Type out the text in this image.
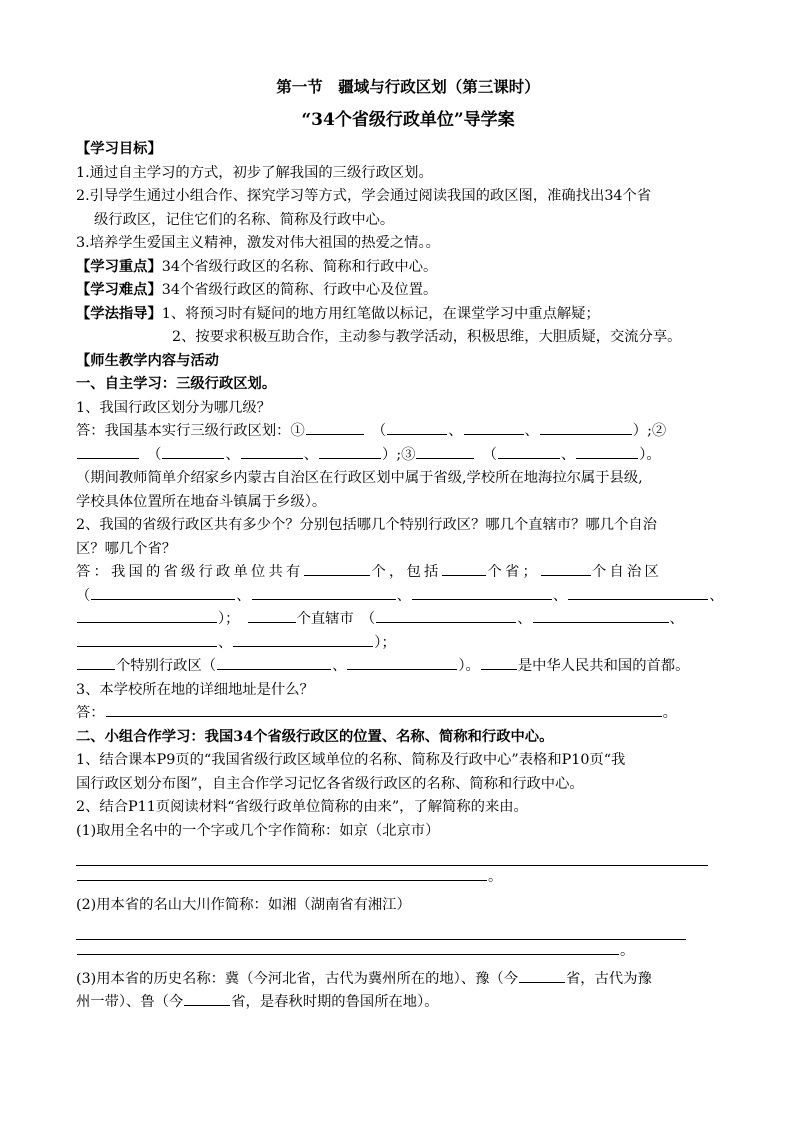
第一节　疆域与行政区划（第三课时）
“34个省级行政单位”导学案
【学习目标】
1.通过自主学习的方式，初步了解我国的三级行政区划。
2.引导学生通过小组合作、探究学习等方式，学会通过阅读我国的政区图，准确找出34个省
级行政区，记住它们的名称、简称及行政中心。
3.培养学生爱国主义精神，激发对伟大祖国的热爱之情。。
【学习重点】34个省级行政区的名称、简称和行政中心。
【学习难点】34个省级行政区的简称、行政中心及位置。
【学法指导】1、将预习时有疑问的地方用红笔做以标记，在课堂学习中重点解疑；
2、按要求积极互助合作，主动参与教学活动，积极思维，大胆质疑，交流分享。
【师生教学内容与活动
一、自主学习：三级行政区划。
1、我国行政区划分为哪几级？
答：我国基本实行三级行政区划：①	　（	、	、	）;②
　（	、	、	）;③	　（	、	）。
（期间教师简单介绍家乡内蒙古自治区在行政区划中属于省级,学校所在地海拉尔属于县级,
学校具体位置所在地奋斗镇属于乡级）。
2、我国的省级行政区共有多少个？分别包括哪几个特别行政区？哪几个直辖市？哪几个自治
区？哪几个省？
答：我国的省级行政单位共有	个，包括	个省；	个自治区
（	、	、	、	、
）；　	个直辖市　（	、	、
、	）；
个特别行政区（	、	）。	是中华人民共和国的首都。
3、本学校所在地的详细地址是什么？
答：	。
二、小组合作学习：我国34个省级行政区的位置、名称、简称和行政中心。
1、结合课本P9页的“我国省级行政区域单位的名称、简称及行政中心”表格和P10页“我
国行政区划分布图”，自主合作学习记忆各省级行政区的名称、简称和行政中心。
2、结合P11页阅读材料“省级行政单位简称的由来”，了解简称的来由。
(1)取用全名中的一个字或几个字作简称：如京（北京市）
。
(2)用本省的名山大川作简称：如湘（湖南省有湘江）
。
(3)用本省的历史名称：冀（今河北省，古代为冀州所在的地）、豫（今	省，古代为豫
州一带）、鲁（今	省，是春秋时期的鲁国所在地）。
